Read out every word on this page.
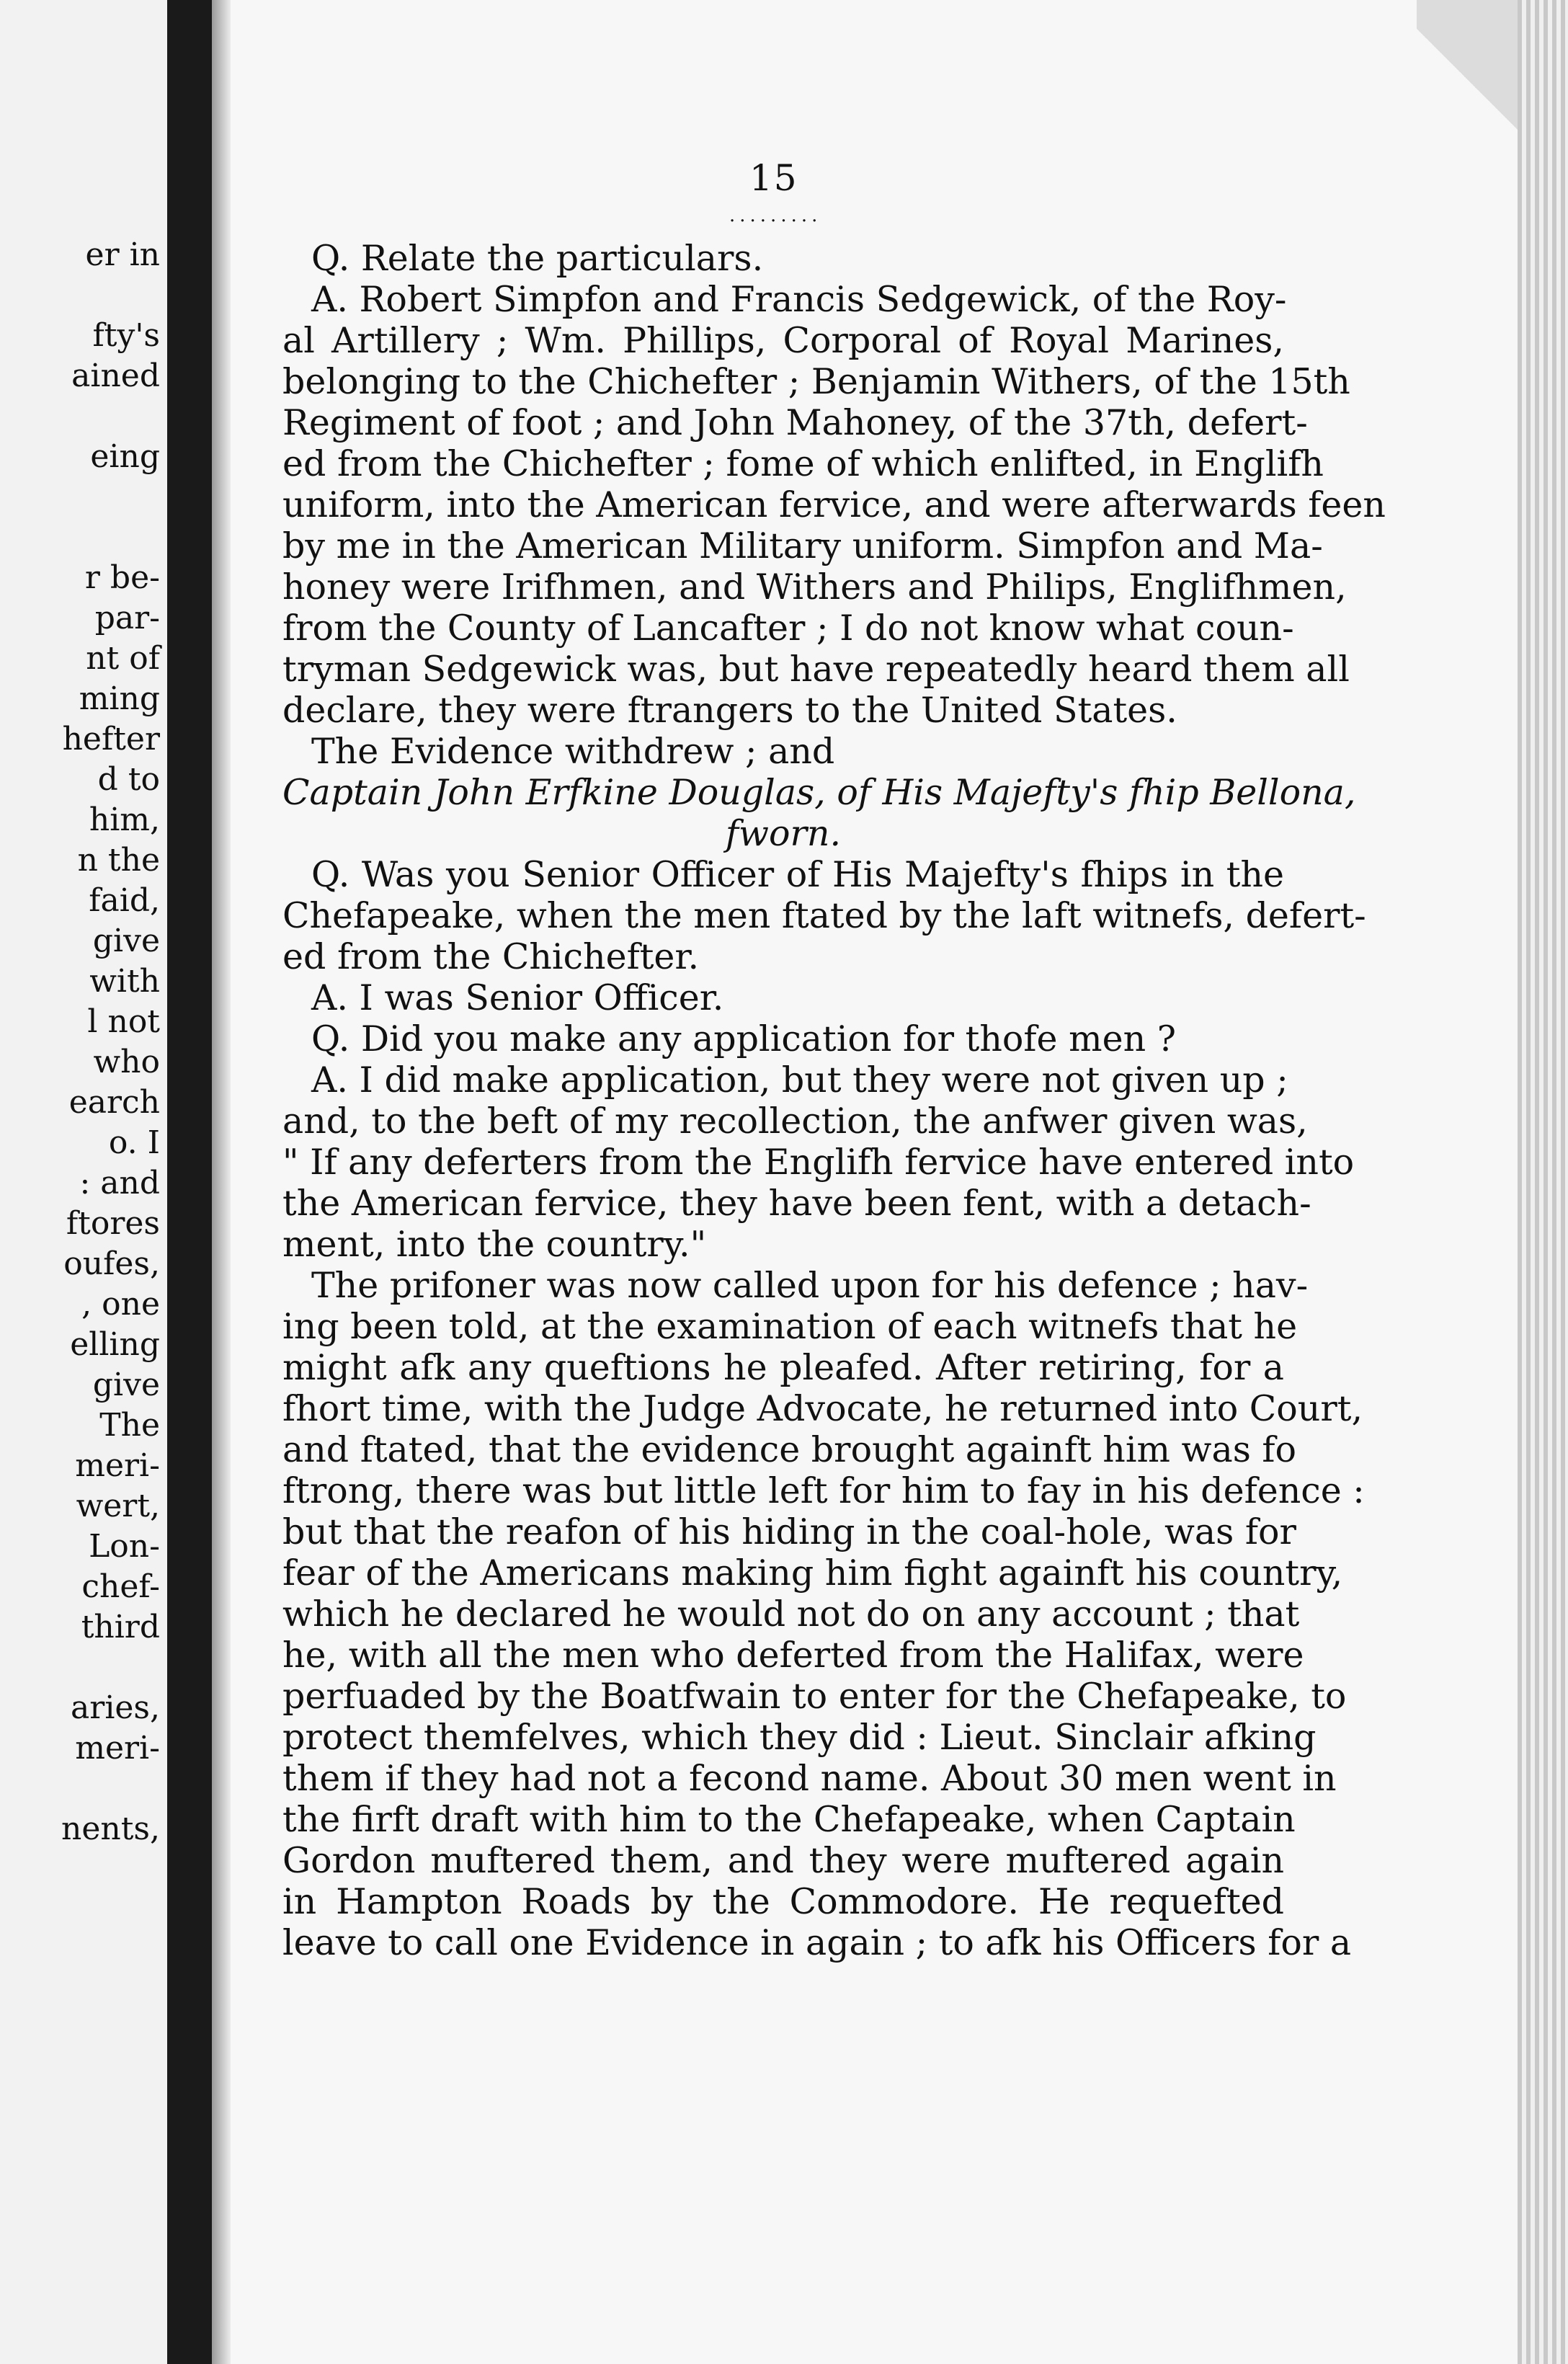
er in
fty's
ained
eing
r be-
par-
nt of
ming
hefter
d to
him,
n the
faid,
give
with
l not
who
earch
o. I
: and
ftores
oufes,
, one
elling
give
The
meri-
wert,
Lon-
chef-
third
aries,
meri-
nents,
15
·········
Q. Relate the particulars.
A. Robert Simpfon and Francis Sedgewick, of the Roy-
al Artillery ; Wm. Phillips, Corporal of Royal Marines,
belonging to the Chichefter ; Benjamin Withers, of the 15th
Regiment of foot ; and John Mahoney, of the 37th, defert-
ed from the Chichefter ; fome of which enlifted, in Englifh
uniform, into the American fervice, and were afterwards feen
by me in the American Military uniform. Simpfon and Ma-
honey were Irifhmen, and Withers and Philips, Englifhmen,
from the County of Lancafter ; I do not know what coun-
tryman Sedgewick was, but have repeatedly heard them all
declare, they were ftrangers to the United States.
The Evidence withdrew ; and
Captain John Erfkine Douglas, of His Majefty's fhip Bellona,
fworn.
Q. Was you Senior Officer of His Majefty's fhips in the
Chefapeake, when the men ftated by the laft witnefs, defert-
ed from the Chichefter.
A. I was Senior Officer.
Q. Did you make any application for thofe men ?
A. I did make application, but they were not given up ;
and, to the beft of my recollection, the anfwer given was,
" If any deferters from the Englifh fervice have entered into
the American fervice, they have been fent, with a detach-
ment, into the country."
The prifoner was now called upon for his defence ; hav-
ing been told, at the examination of each witnefs that he
might afk any queftions he pleafed. After retiring, for a
fhort time, with the Judge Advocate, he returned into Court,
and ftated, that the evidence brought againft him was fo
ftrong, there was but little left for him to fay in his defence :
but that the reafon of his hiding in the coal-hole, was for
fear of the Americans making him fight againft his country,
which he declared he would not do on any account ; that
he, with all the men who deferted from the Halifax, were
perfuaded by the Boatfwain to enter for the Chefapeake, to
protect themfelves, which they did : Lieut. Sinclair afking
them if they had not a fecond name. About 30 men went in
the firft draft with him to the Chefapeake, when Captain
Gordon muftered them, and they were muftered again
in Hampton Roads by the Commodore. He requefted
leave to call one Evidence in again ; to afk his Officers for a
